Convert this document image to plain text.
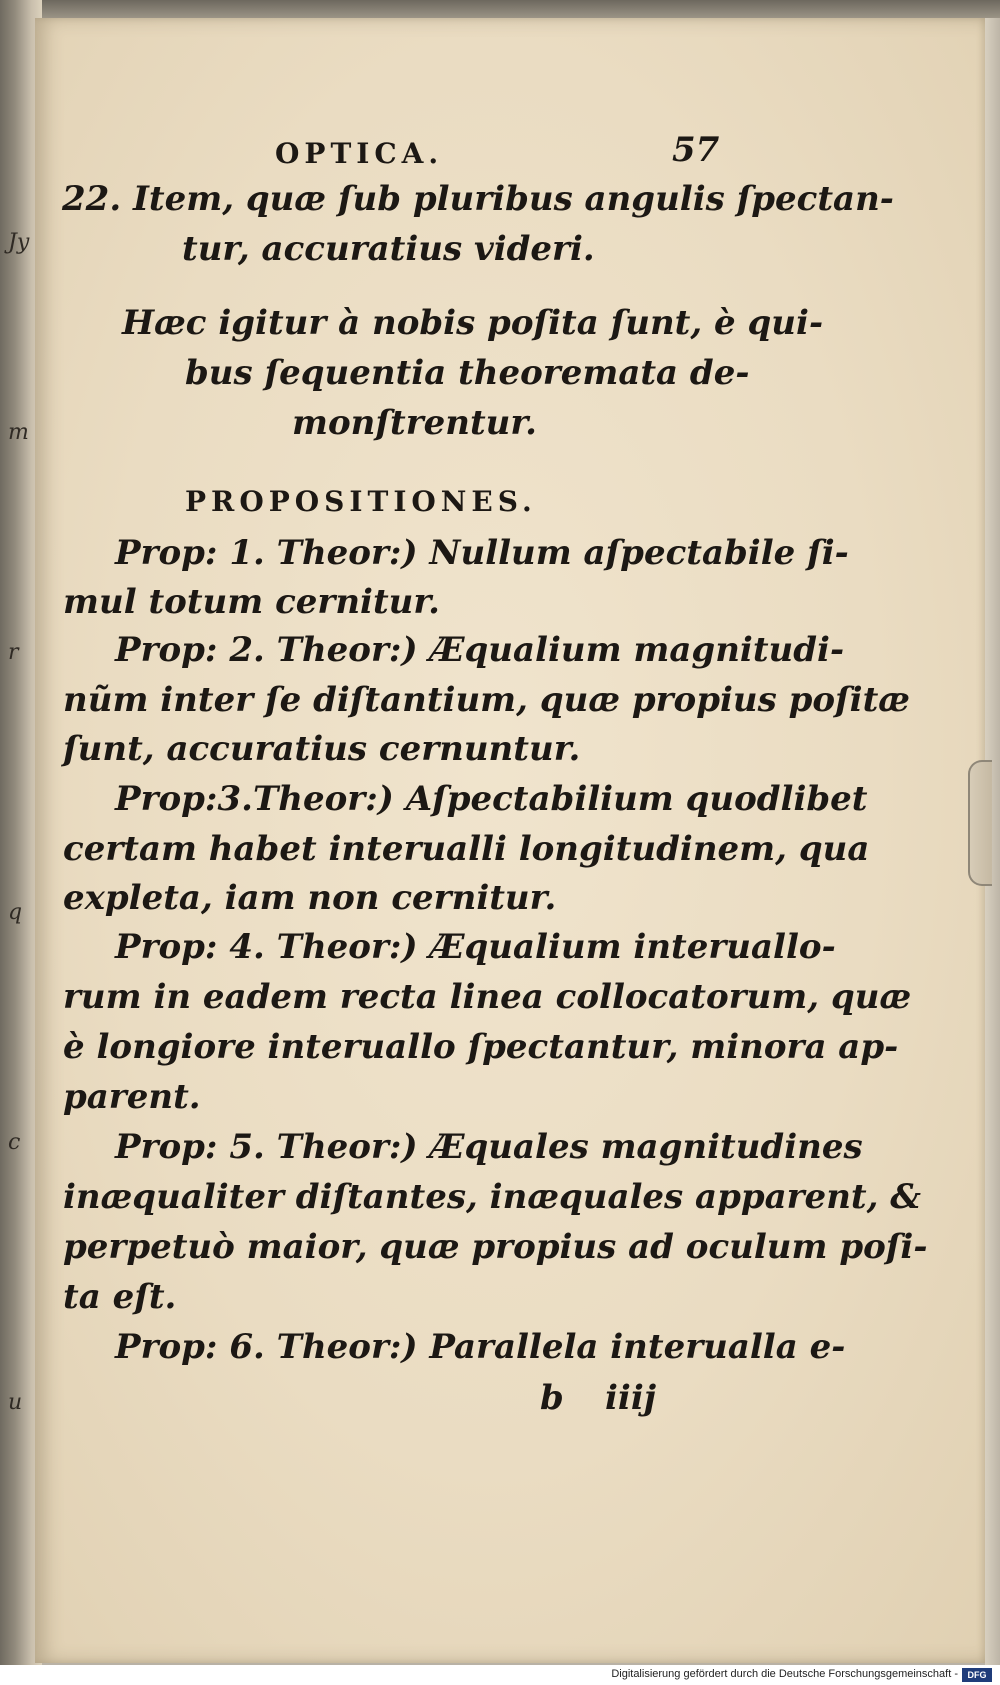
Jy
m
r
q
c
u
OPTICA.	57
22. Item, quæ ſub pluribus angulis ſpectan-
tur, accuratius videri.
Hæc igitur à nobis poſita ſunt, è qui-
bus ſequentia theoremata de-
monſtrentur.
PROPOSITIONES.
Prop: 1. Theor:) Nullum aſpectabile ſi-
mul totum cernitur.
Prop: 2. Theor:) Æqualium magnitudi-
nũm inter ſe diſtantium, quæ propius poſitæ
ſunt, accuratius cernuntur.
Prop:3.Theor:) Aſpectabilium quodlibet
certam habet interualli longitudinem, qua
expleta, iam non cernitur.
Prop: 4. Theor:) Æqualium interuallo-
rum in eadem recta linea collocatorum, quæ
è longiore interuallo ſpectantur, minora ap-
parent.
Prop: 5. Theor:) Æquales magnitudines
inæqualiter diſtantes, inæquales apparent, &
perpetuò maior, quæ propius ad oculum poſi-
ta eſt.
Prop: 6. Theor:) Parallela interualla e-
b iiij
Digitalisierung gefördert durch die Deutsche Forschungsgemeinschaft -	DFG
